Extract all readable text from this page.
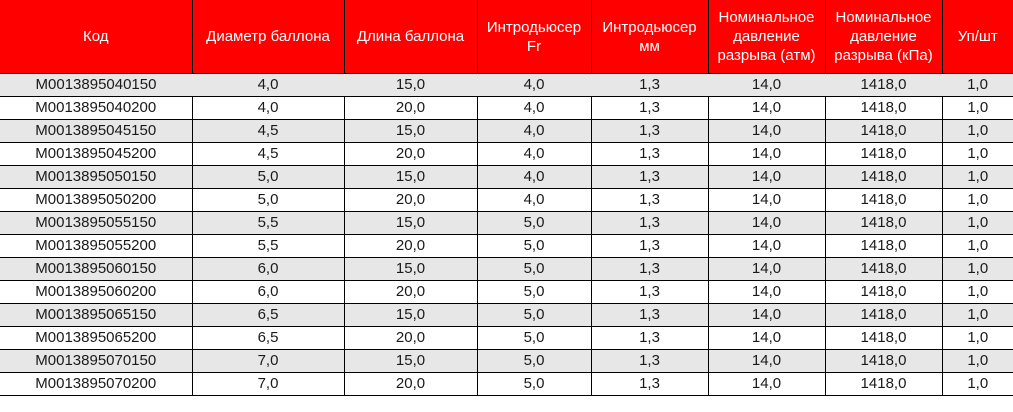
Код	Диаметр баллона	Длина баллона	Интродьюсер Fr	Интродьюсер мм	Номинальное давление разрыва (атм)	Номинальное давление разрыва (кПа)	Уп/шт
M0013895040150	4,0	15,0	4,0	1,3	14,0	1418,0	1,0
M0013895040200	4,0	20,0	4,0	1,3	14,0	1418,0	1,0
M0013895045150	4,5	15,0	4,0	1,3	14,0	1418,0	1,0
M0013895045200	4,5	20,0	4,0	1,3	14,0	1418,0	1,0
M0013895050150	5,0	15,0	4,0	1,3	14,0	1418,0	1,0
M0013895050200	5,0	20,0	4,0	1,3	14,0	1418,0	1,0
M0013895055150	5,5	15,0	5,0	1,3	14,0	1418,0	1,0
M0013895055200	5,5	20,0	5,0	1,3	14,0	1418,0	1,0
M0013895060150	6,0	15,0	5,0	1,3	14,0	1418,0	1,0
M0013895060200	6,0	20,0	5,0	1,3	14,0	1418,0	1,0
M0013895065150	6,5	15,0	5,0	1,3	14,0	1418,0	1,0
M0013895065200	6,5	20,0	5,0	1,3	14,0	1418,0	1,0
M0013895070150	7,0	15,0	5,0	1,3	14,0	1418,0	1,0
M0013895070200	7,0	20,0	5,0	1,3	14,0	1418,0	1,0
